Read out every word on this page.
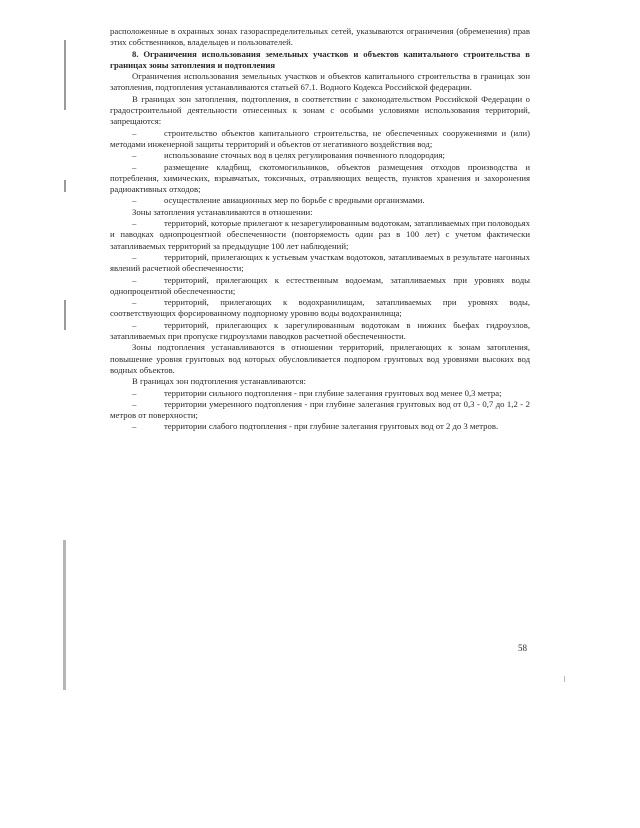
расположенные в охранных зонах газораспределительных сетей, указываются ограничения (обременения) прав этих собственников, владельцев и пользователей.

8. Ограничения использования земельных участков и объектов капитального строительства в границах зоны затопления и подтопления

Ограничения использования земельных участков и объектов капитального строительства в границах зон затопления, подтопления устанавливаются статьей 67.1. Водного Кодекса Российской федерации.

В границах зон затопления, подтопления, в соответствии с законодательством Российской Федерации о градостроительной деятельности отнесенных к зонам с особыми условиями использования территорий, запрещаются:

–	строительство объектов капитального строительства, не обеспеченных сооружениями и (или) методами инженерной защиты территорий и объектов от негативного воздействия вод;

–	использование сточных вод в целях регулирования почвенного плодородия;

–	размещение кладбищ, скотомогильников, объектов размещения отходов производства и потребления, химических, взрывчатых, токсичных, отравляющих веществ, пунктов хранения и захоронения радиоактивных отходов;

–	осуществление авиационных мер по борьбе с вредными организмами.

Зоны затопления устанавливаются в отношении:

–	территорий, которые прилегают к незарегулированным водотокам, затапливаемых при половодьях и паводках однопроцентной обеспеченности (повторяемость один раз в 100 лет) с учетом фактически затапливаемых территорий за предыдущие 100 лет наблюдений;

–	территорий, прилегающих к устьевым участкам водотоков, затапливаемых в результате нагонных явлений расчетной обеспеченности;

–	территорий, прилегающих к естественным водоемам, затапливаемых при уровнях воды однопроцентной обеспеченности;

–	территорий, прилегающих к водохранилищам, затапливаемых при уровнях воды, соответствующих форсированному подпорному уровню воды водохранилища;

–	территорий, прилегающих к зарегулированным водотокам в нижних бьефах гидроузлов, затапливаемых при пропуске гидроузлами паводков расчетной обеспеченности.

Зоны подтопления устанавливаются в отношении территорий, прилегающих к зонам затопления, повышение уровня грунтовых вод которых обусловливается подпором грунтовых вод уровнями высоких вод водных объектов.

В границах зон подтопления устанавливаются:

–	территории сильного подтопления - при глубине залегания грунтовых вод менее 0,3 метра;

–	территории умеренного подтопления - при глубине залегания грунтовых вод от 0,3 - 0,7 до 1,2 - 2 метров от поверхности;

–	территории слабого подтопления - при глубине залегания грунтовых вод от 2 до 3 метров.

58
